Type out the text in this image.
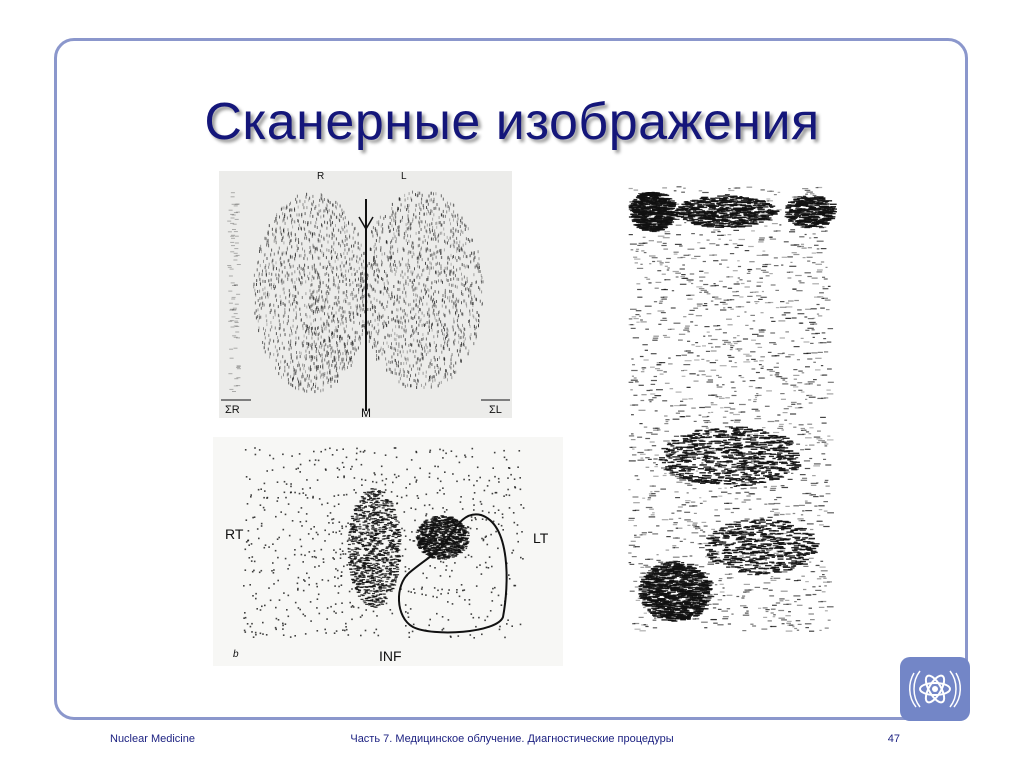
Сканерные изображения
R	L
ΣR	M	ΣL
RT	LT
INF
b
Nuclear Medicine	Часть 7. Медицинское облучение. Диагностические процедуры	47
